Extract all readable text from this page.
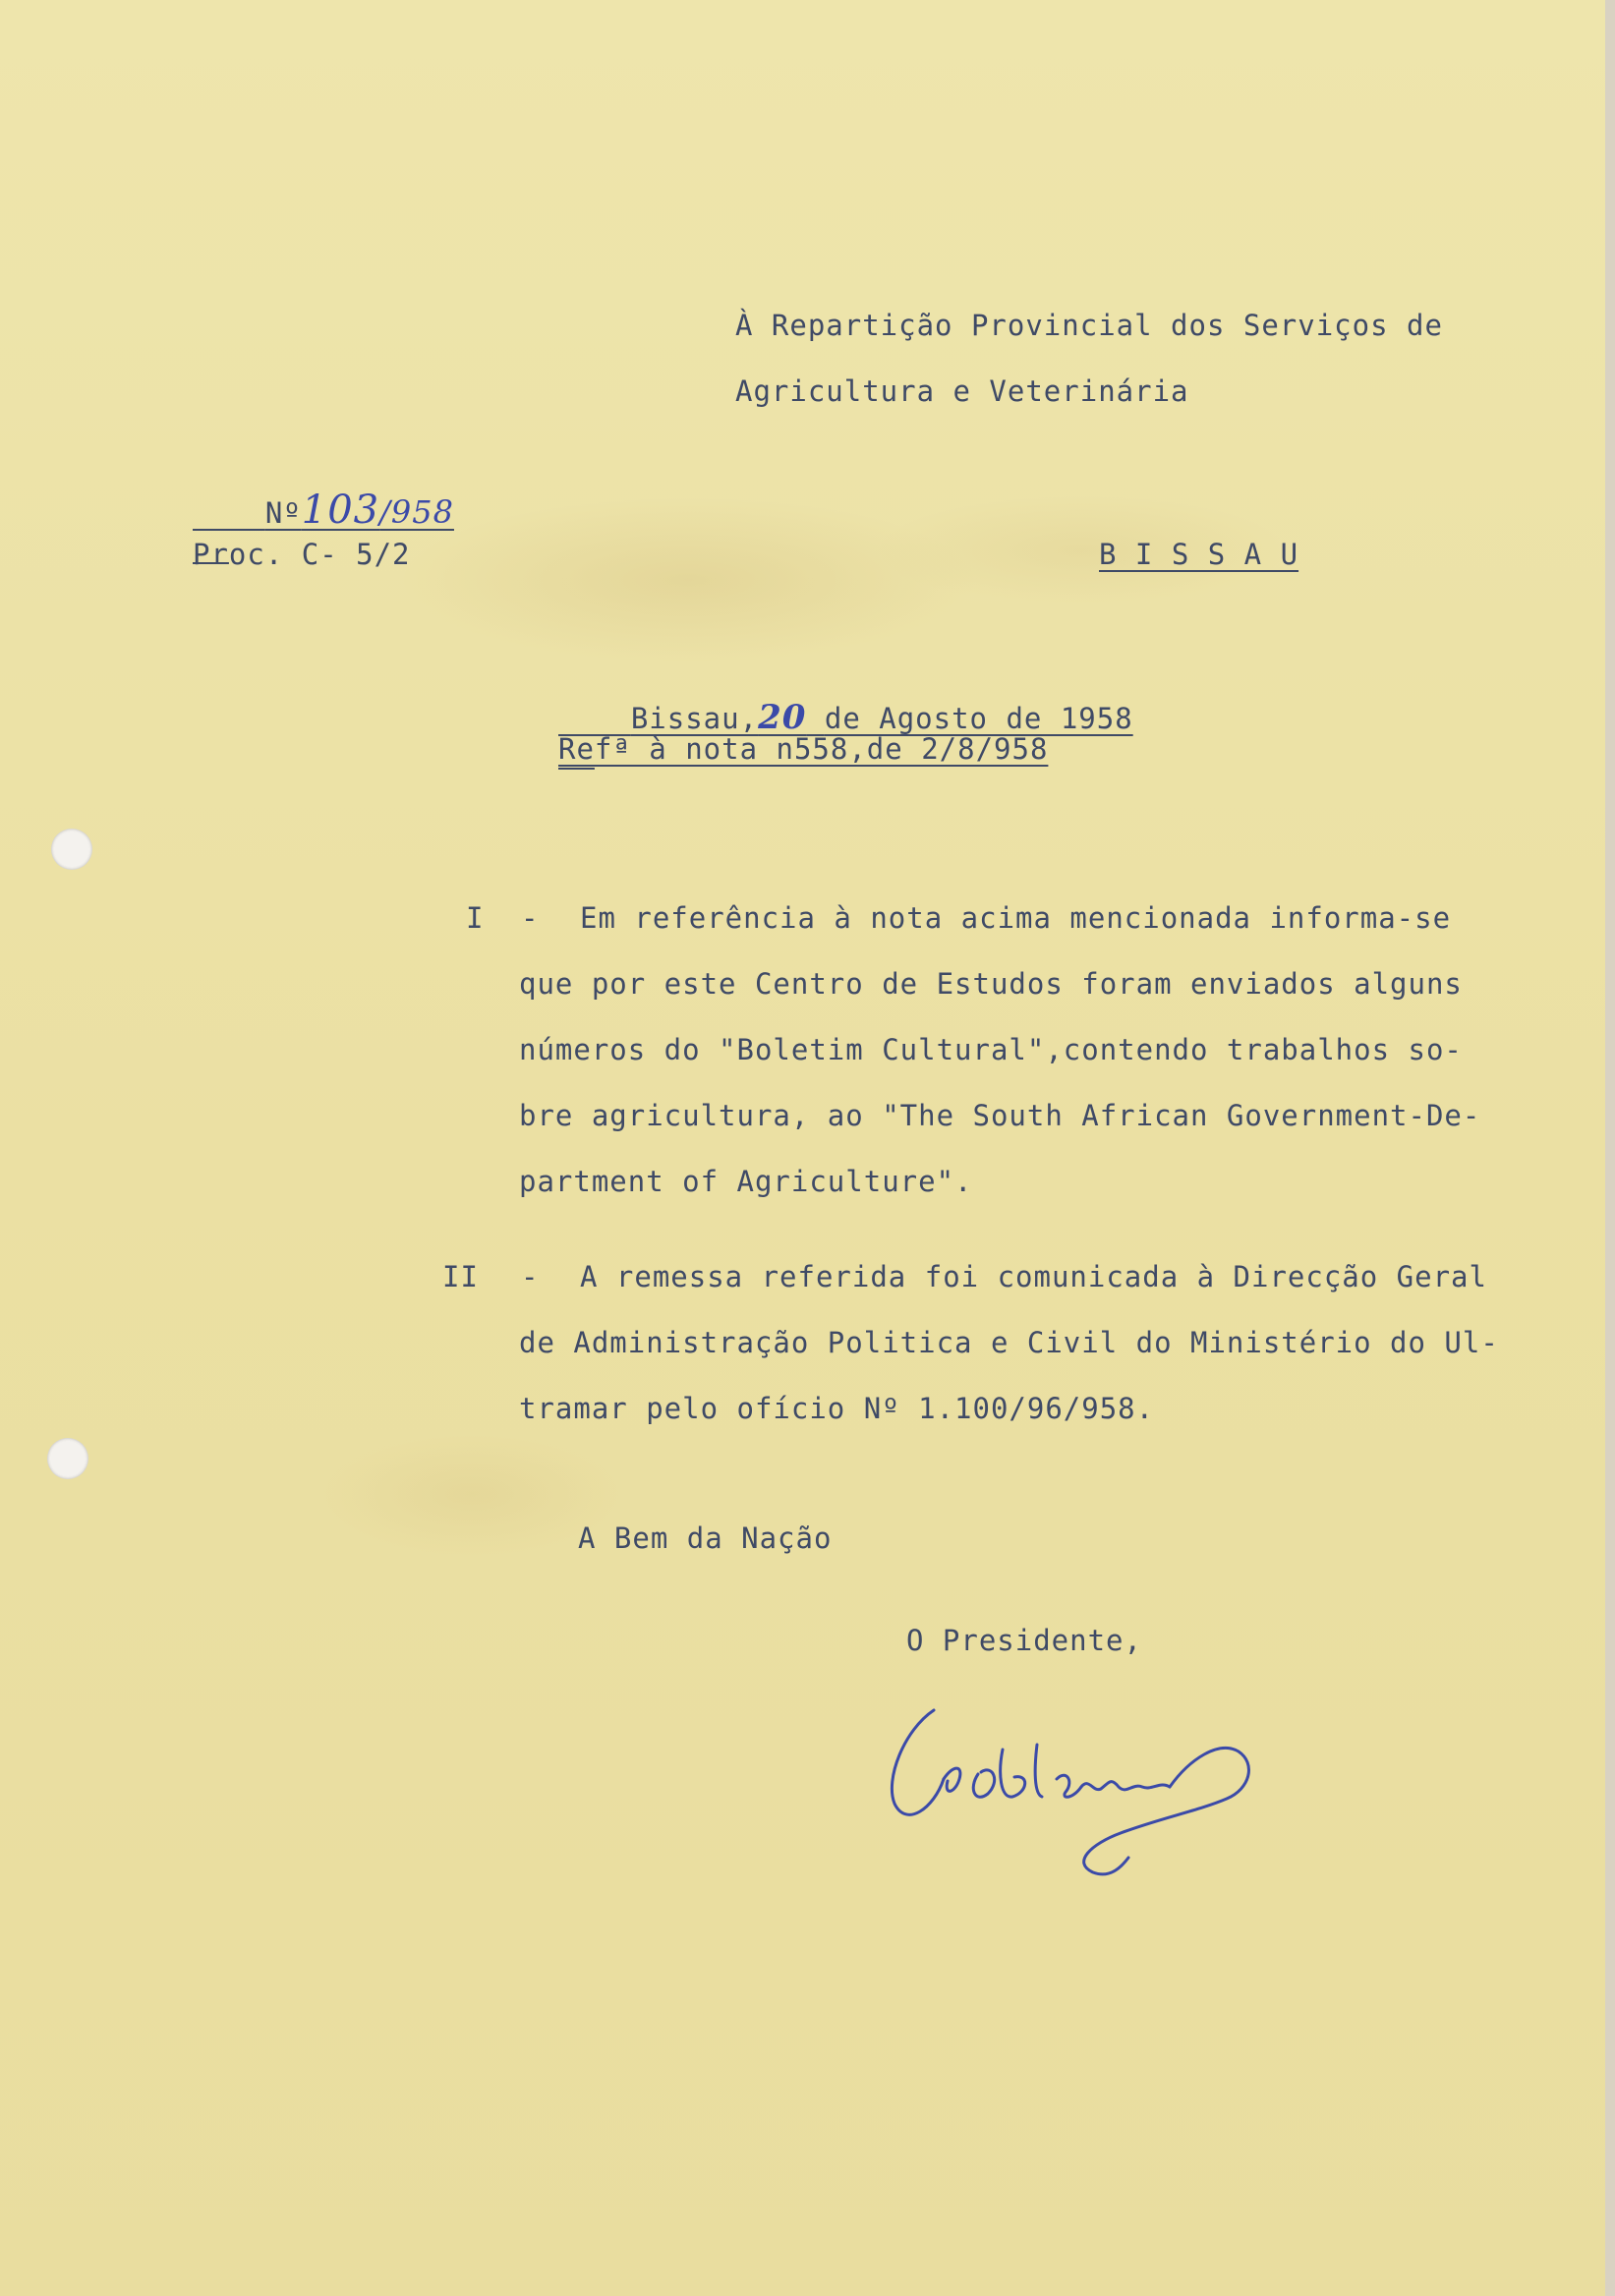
À Repartição Provincial dos Serviços de
Agricultura e Veterinária

Nº103/958

Proc. C- 5/2	B I S S A U

Bissau,20 de Agosto de 1958

Refª à nota n558,de 2/8/958
I - Em referência à nota acima mencionada informa-se
que por este Centro de Estudos foram enviados alguns
números do "Boletim Cultural",contendo trabalhos so-
bre agricultura, ao "The South African Government-De-
partment of Agriculture".
II - A remessa referida foi comunicada à Direcção Geral
de Administração Politica e Civil do Ministério do Ul-
tramar pelo ofício Nº 1.100/96/958.
A Bem da Nação
O Presidente,
